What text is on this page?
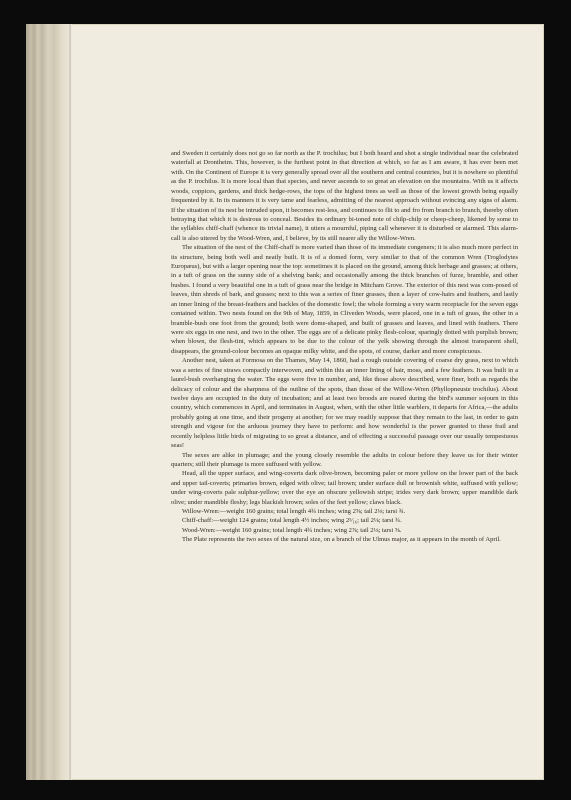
and Sweden it certainly does not go so far north as the P. trochilus; but I both heard and shot a single individual near the celebrated waterfall at Drontheim. This, however, is the furthest point in that direction at which, so far as I am aware, it has ever been met with. On the Continent of Europe it is very generally spread over all the southern and central countries, but it is nowhere so plentiful as the P. trochilus. It is more local than that species, and never ascends to so great an elevation on the mountains. With us it affects woods, coppices, gardens, and thick hedge-rows, the tops of the highest trees as well as those of the lowest growth being equally frequented by it. In its manners it is very tame and fearless, admitting of the nearest approach without evincing any signs of alarm. If the situation of its nest be intruded upon, it becomes rest-less, and continues to flit to and fro from branch to branch, thereby often betraying that which it is desirous to conceal. Besides its ordinary bi-toned note of chilp-chilp or cheep-cheep, likened by some to the syllables chiff-chaff (whence its trivial name), it utters a mournful, piping call whenever it is disturbed or alarmed. This alarm-call is also uttered by the Wood-Wren, and, I believe, by its still nearer ally the Willow-Wren.

The situation of the nest of the Chiff-chaff is more varied than those of its immediate congeners; it is also much more perfect in its structure, being both well and neatly built. It is of a domed form, very similar to that of the common Wren (Troglodytes Europæus), but with a larger opening near the top: sometimes it is placed on the ground, among thick herbage and grasses; at others, in a tuft of grass on the sunny side of a shelving bank; and occasionally among the thick branches of furze, bramble, and other bushes. I found a very beautiful one in a tuft of grass near the bridge in Mitcham Grove. The exterior of this nest was com-posed of leaves, thin shreds of bark, and grasses; next to this was a series of finer grasses, then a layer of cow-hairs and feathers, and lastly an inner lining of the breast-feathers and hackles of the domestic fowl; the whole forming a very warm receptacle for the seven eggs contained within. Two nests found on the 9th of May, 1859, in Cliveden Woods, were placed, one in a tuft of grass, the other in a bramble-bush one foot from the ground; both were dome-shaped, and built of grasses and leaves, and lined with feathers. There were six eggs in one nest, and two in the other. The eggs are of a delicate pinky flesh-colour, sparingly dotted with purplish brown; when blown, the flesh-tint, which appears to be due to the colour of the yelk showing through the almost transparent shell, disappears, the ground-colour becomes an opaque milky white, and the spots, of course, darker and more conspicuous.

Another nest, taken at Formosa on the Thames, May 14, 1860, had a rough outside covering of coarse dry grass, next to which was a series of fine straws compactly interwoven, and within this an inner lining of hair, moss, and a few feathers. It was built in a laurel-bush overhanging the water. The eggs were five in number, and, like those above described, were finer, both as regards the delicacy of colour and the sharpness of the outline of the spots, than those of the Willow-Wren (Phyllopneuste trochilus). About twelve days are occupied in the duty of incubation; and at least two broods are reared during the bird's summer sojourn in this country, which commences in April, and terminates in August, when, with the other little warblers, it departs for Africa,—the adults probably going at one time, and their progeny at another; for we may readily suppose that they remain to the last, in order to gain strength and vigour for the arduous journey they have to perform: and how wonderful is the power granted to these frail and recently helpless little birds of migrating to so great a distance, and of effecting a successful passage over our usually tempestuous seas!

The sexes are alike in plumage; and the young closely resemble the adults in colour before they leave us for their winter quarters; still their plumage is more suffused with yellow.

Head, all the upper surface, and wing-coverts dark olive-brown, becoming paler or more yellow on the lower part of the back and upper tail-coverts; primaries brown, edged with olive; tail brown; under surface dull or brownish white, suffused with yellow; under wing-coverts pale sulphur-yellow; over the eye an obscure yellowish stripe; irides very dark brown; upper mandible dark olive; under mandible fleshy; legs blackish brown; soles of the feet yellow; claws black.

Willow-Wren:—weight 160 grains; total length 4¾ inches; wing 2⅝; tail 2⅛; tarsi ¾.

Chiff-chaff:—weight 124 grains; total length 4½ inches; wing 2⁵⁄₁₆; tail 2⅛; tarsi ¾.

Wood-Wren:—weight 160 grains; total length 4¾ inches; wing 2⅞; tail 2⅛; tarsi ⅝.

The Plate represents the two sexes of the natural size, on a branch of the Ulmus major, as it appears in the month of April.
